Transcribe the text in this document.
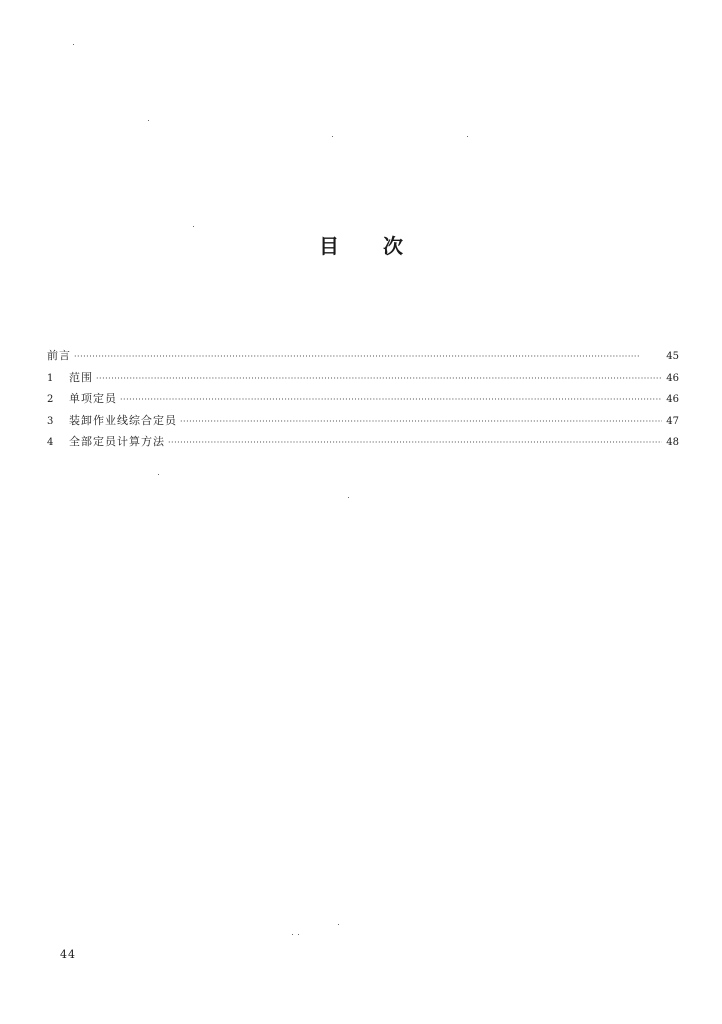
目 次
前言 ·····	45
1	范围 ·····	46
2	单项定员 ·····	46
3	装卸作业线综合定员 ·····	47
4	全部定员计算方法 ·····	48
44
